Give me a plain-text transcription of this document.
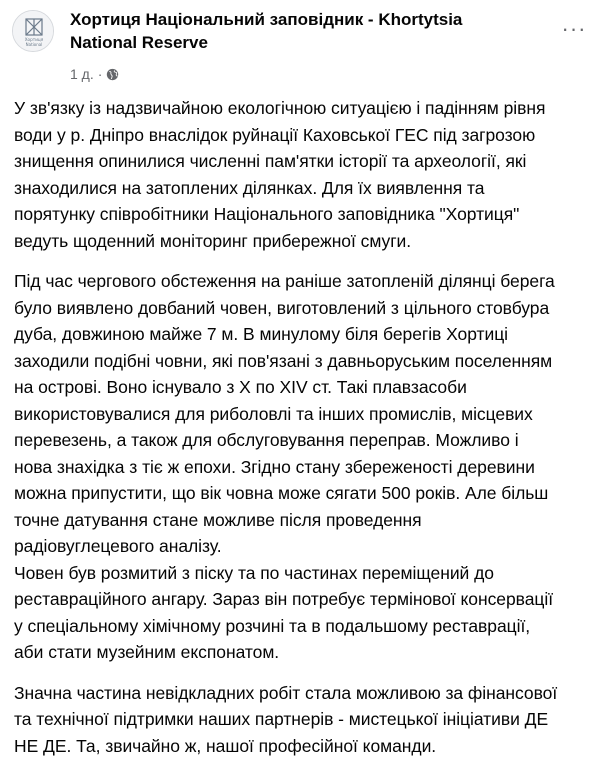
Хортиця
National
Хортиця Національний заповідник - Khortytsia
National Reserve
1 д. ·
···

У зв'язку із надзвичайною екологічною ситуацією і падінням рівня
води у р. Дніпро внаслідок руйнації Каховської ГЕС під загрозою
знищення опинилися численні пам'ятки історії та археології, які
знаходилися на затоплених ділянках. Для їх виявлення та
порятунку співробітники Національного заповідника "Хортиця"
ведуть щоденний моніторинг прибережної смуги.

Під час чергового обстеження на раніше затопленій ділянці берега
було виявлено довбаний човен, виготовлений з цільного стовбура
дуба, довжиною майже 7 м. В минулому біля берегів Хортиці
заходили подібні човни, які пов'язані з давньоруським поселенням
на острові. Воно існувало з X по XIV ст. Такі плавзасоби
використовувалися для риболовлі та інших промислів, місцевих
перевезень, а також для обслуговування переправ. Можливо і
нова знахідка з тіє ж епохи. Згідно стану збереженості деревини
можна припустити, що вік човна може сягати 500 років. Але більш
точне датування стане можливе після проведення
радіовуглецевого аналізу.
Човен був розмитий з піску та по частинах переміщений до
реставраційного ангару. Зараз він потребує термінової консервації
у спеціальному хімічному розчині та в подальшому реставрації,
аби стати музейним експонатом.

Значна частина невідкладних робіт стала можливою за фінансової
та технічної підтримки наших партнерів - мистецької ініціативи ДЕ
НЕ ДЕ. Та, звичайно ж, нашої професійної команди.
